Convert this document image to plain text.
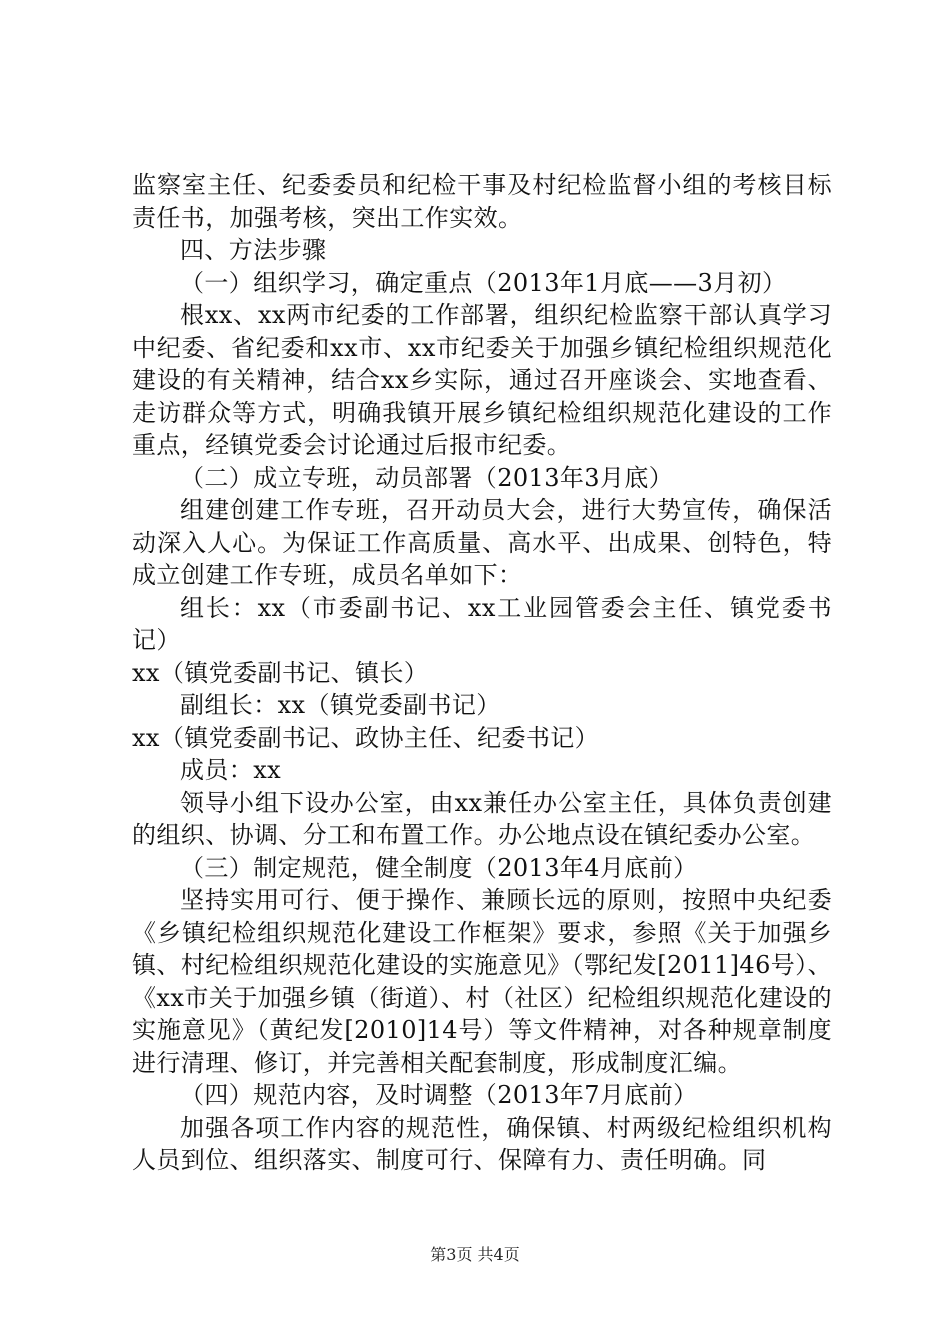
监察室主任、纪委委员和纪检干事及村纪检监督小组的考核目标责任书，加强考核，突出工作实效。

四、方法步骤

（一）组织学习，确定重点（2013年1月底——3月初）

根xx、xx两市纪委的工作部署，组织纪检监察干部认真学习中纪委、省纪委和xx市、xx市纪委关于加强乡镇纪检组织规范化建设的有关精神，结合xx乡实际，通过召开座谈会、实地查看、走访群众等方式，明确我镇开展乡镇纪检组织规范化建设的工作重点，经镇党委会讨论通过后报市纪委。

（二）成立专班，动员部署（2013年3月底）

组建创建工作专班，召开动员大会，进行大势宣传，确保活动深入人心。为保证工作高质量、高水平、出成果、创特色，特成立创建工作专班，成员名单如下：

组长：xx（市委副书记、xx工业园管委会主任、镇党委书记）

xx（镇党委副书记、镇长）

副组长：xx（镇党委副书记）

xx（镇党委副书记、政协主任、纪委书记）

成员：xx

领导小组下设办公室，由xx兼任办公室主任，具体负责创建的组织、协调、分工和布置工作。办公地点设在镇纪委办公室。

（三）制定规范，健全制度（2013年4月底前）

坚持实用可行、便于操作、兼顾长远的原则，按照中央纪委《乡镇纪检组织规范化建设工作框架》要求，参照《关于加强乡镇、村纪检组织规范化建设的实施意见》（鄂纪发[2011]46号）、《xx市关于加强乡镇（街道）、村（社区）纪检组织规范化建设的实施意见》（黄纪发[2010]14号）等文件精神，对各种规章制度进行清理、修订，并完善相关配套制度，形成制度汇编。

（四）规范内容，及时调整（2013年7月底前）

加强各项工作内容的规范性，确保镇、村两级纪检组织机构人员到位、组织落实、制度可行、保障有力、责任明确。同

第3页 共4页
